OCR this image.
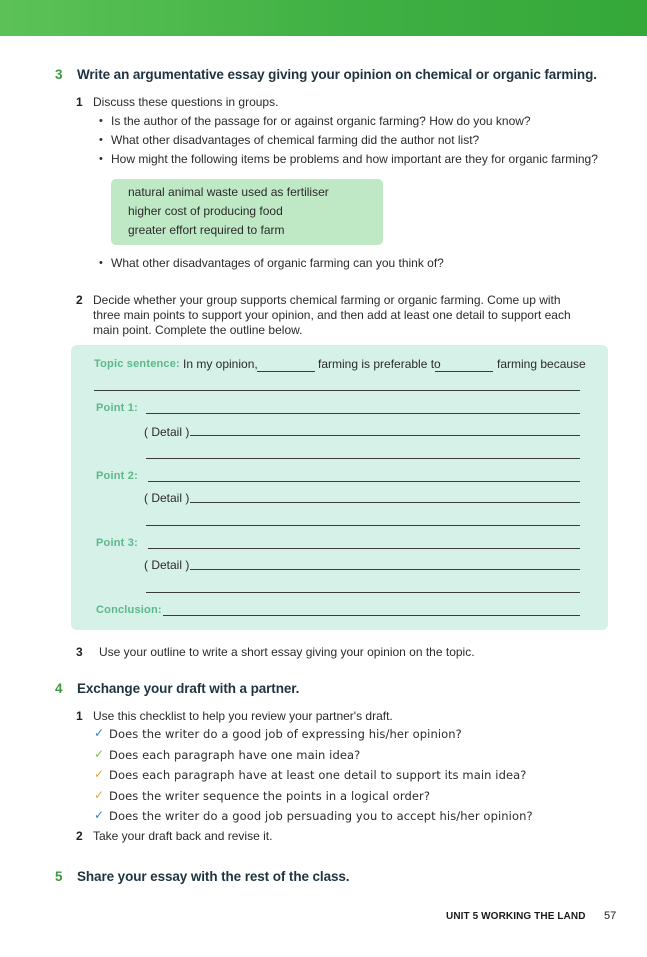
3 Write an argumentative essay giving your opinion on chemical or organic farming.
1 Discuss these questions in groups.
• Is the author of the passage for or against organic farming? How do you know?
• What other disadvantages of chemical farming did the author not list?
• How might the following items be problems and how important are they for organic farming?
natural animal waste used as fertiliser
higher cost of producing food
greater effort required to farm
• What other disadvantages of organic farming can you think of?
2 Decide whether your group supports chemical farming or organic farming. Come up with
three main points to support your opinion, and then add at least one detail to support each
main point. Complete the outline below.
Topic sentence: In my opinion,	farming is preferable to	farming because
Point 1:
( Detail )
Point 2:
( Detail )
Point 3:
( Detail )
Conclusion:
3 Use your outline to write a short essay giving your opinion on the topic.
4 Exchange your draft with a partner.
1 Use this checklist to help you review your partner's draft.
✓ Does the writer do a good job of expressing his/her opinion?
✓ Does each paragraph have one main idea?
✓ Does each paragraph have at least one detail to support its main idea?
✓ Does the writer sequence the points in a logical order?
✓ Does the writer do a good job persuading you to accept his/her opinion?
2 Take your draft back and revise it.
5 Share your essay with the rest of the class.
UNIT 5 WORKING THE LAND 57
